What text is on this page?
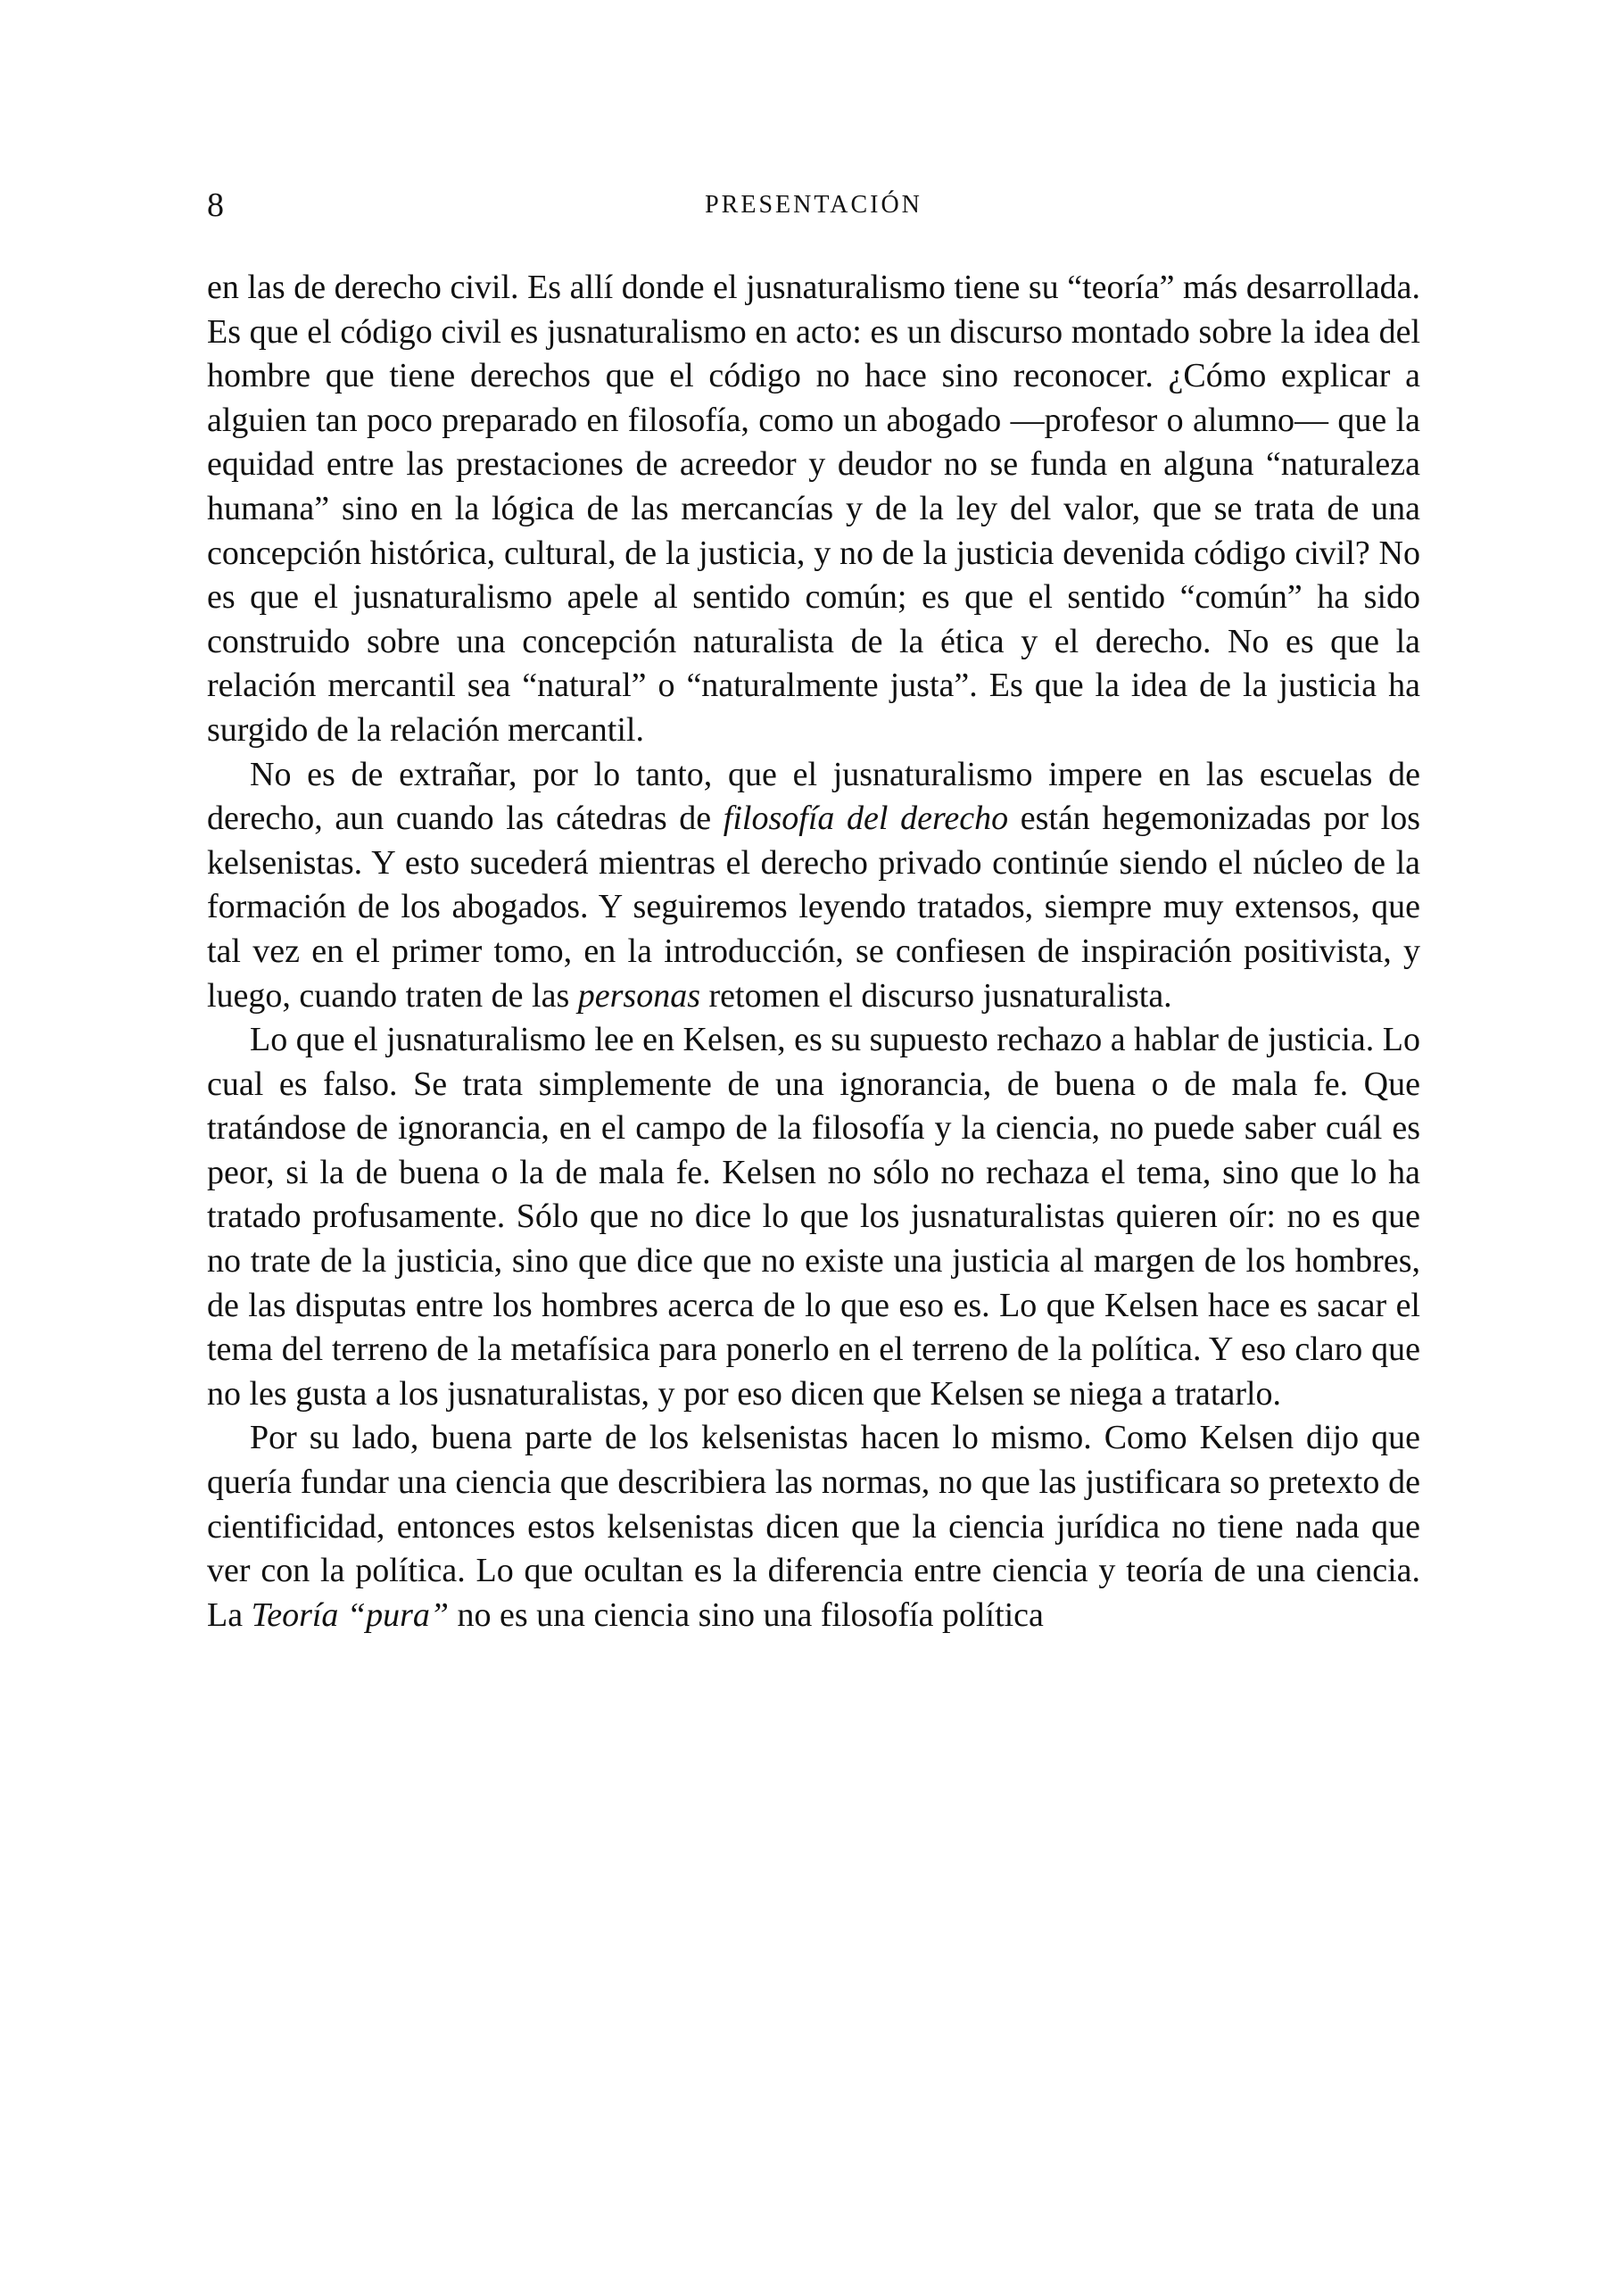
8	PRESENTACIÓN

en las de derecho civil. Es allí donde el jusnaturalismo tiene su “teoría” más desarrollada. Es que el código civil es jusnaturalismo en acto: es un discurso montado sobre la idea del hombre que tiene derechos que el código no hace sino reconocer. ¿Cómo explicar a alguien tan poco preparado en filosofía, como un abogado —profesor o alumno— que la equidad entre las prestaciones de acreedor y deudor no se funda en alguna “naturaleza humana” sino en la lógica de las mercancías y de la ley del valor, que se trata de una concepción histórica, cultural, de la justicia, y no de la justicia devenida código civil? No es que el jusnaturalismo apele al sentido común; es que el sentido “común” ha sido construido sobre una concepción naturalista de la ética y el derecho. No es que la relación mercantil sea “natural” o “naturalmente justa”. Es que la idea de la justicia ha surgido de la relación mercantil.

No es de extrañar, por lo tanto, que el jusnaturalismo impere en las escuelas de derecho, aun cuando las cátedras de filosofía del derecho están hegemonizadas por los kelsenistas. Y esto sucederá mientras el derecho privado continúe siendo el núcleo de la formación de los abogados. Y seguiremos leyendo tratados, siempre muy extensos, que tal vez en el primer tomo, en la introducción, se confiesen de inspiración positivista, y luego, cuando traten de las personas retomen el discurso jusnaturalista.

Lo que el jusnaturalismo lee en Kelsen, es su supuesto rechazo a hablar de justicia. Lo cual es falso. Se trata simplemente de una ignorancia, de buena o de mala fe. Que tratándose de ignorancia, en el campo de la filosofía y la ciencia, no puede saber cuál es peor, si la de buena o la de mala fe. Kelsen no sólo no rechaza el tema, sino que lo ha tratado profusamente. Sólo que no dice lo que los jusnaturalistas quieren oír: no es que no trate de la justicia, sino que dice que no existe una justicia al margen de los hombres, de las disputas entre los hombres acerca de lo que eso es. Lo que Kelsen hace es sacar el tema del terreno de la metafísica para ponerlo en el terreno de la política. Y eso claro que no les gusta a los jusnaturalistas, y por eso dicen que Kelsen se niega a tratarlo.

Por su lado, buena parte de los kelsenistas hacen lo mismo. Como Kelsen dijo que quería fundar una ciencia que describiera las normas, no que las justificara so pretexto de cientificidad, entonces estos kelsenistas dicen que la ciencia jurídica no tiene nada que ver con la política. Lo que ocultan es la diferencia entre ciencia y teoría de una ciencia. La Teoría “pura” no es una ciencia sino una filosofía política
